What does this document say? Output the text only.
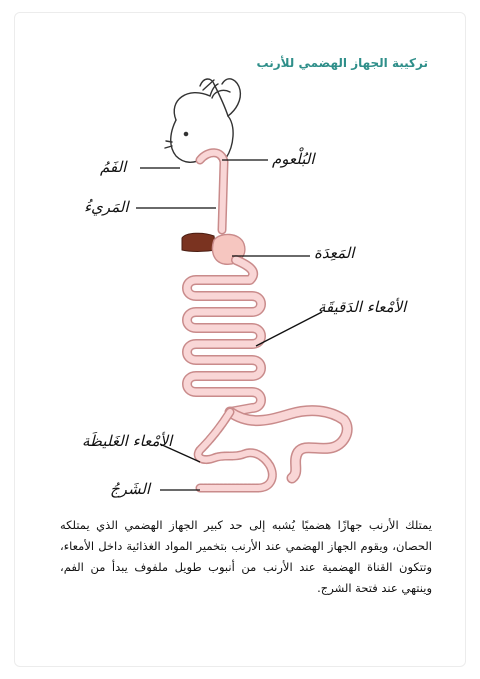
تركيبة الجهاز الهضمي للأرنب
البُلْعوم
الفَمُ
المَريءُ
المَعِدَة
الأمْعاء الدَقيقَة
الأمْعاء الغَليظَة
الشَرجُ
يمتلك الأرنب جهازًا هضميًا يُشبه إلى حد كبير الجهاز الهضمي الذي يمتلكه الحصان، ويقوم الجهاز الهضمي عند الأرنب بتخمير المواد الغذائية داخل الأمعاء، وتتكون القناة الهضمية عند الأرنب من أنبوب طويل ملفوف يبدأ من الفم، وينتهي عند فتحة الشرج.
